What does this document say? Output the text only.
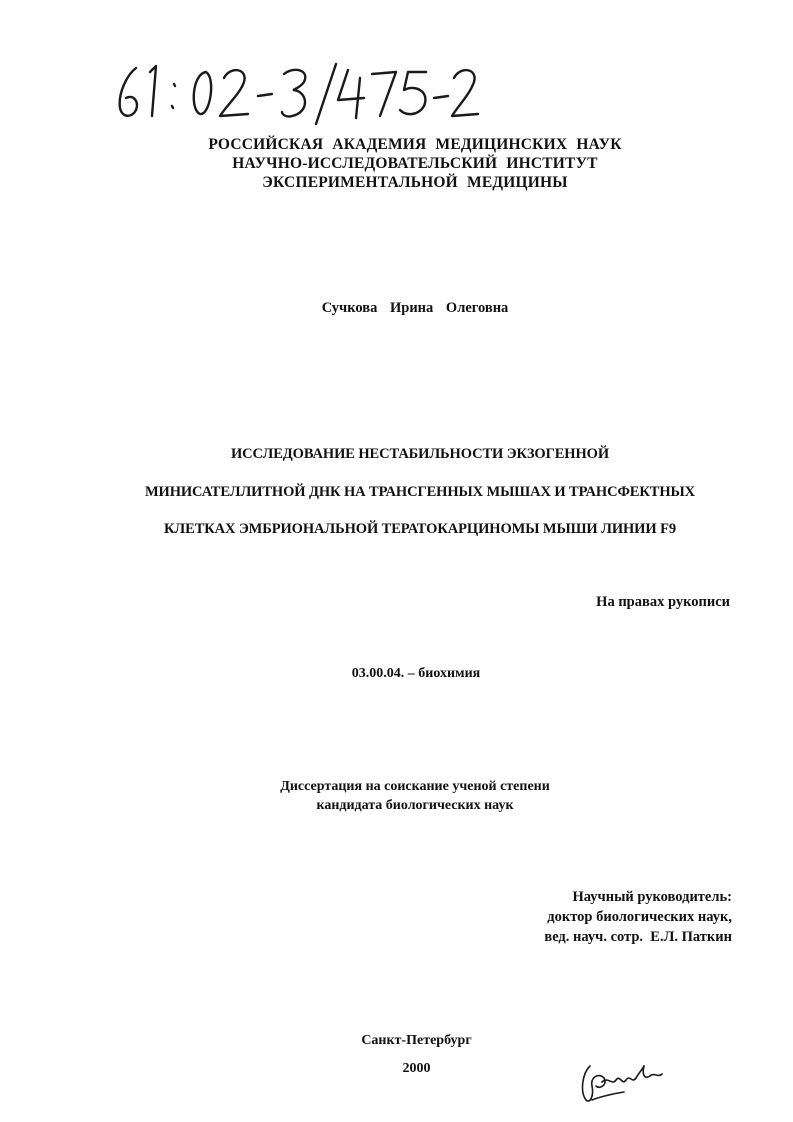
РОССИЙСКАЯ АКАДЕМИЯ МЕДИЦИНСКИХ НАУК
НАУЧНО-ИССЛЕДОВАТЕЛЬСКИЙ ИНСТИТУТ
ЭКСПЕРИМЕНТАЛЬНОЙ МЕДИЦИНЫ
Сучкова Ирина Олеговна
ИССЛЕДОВАНИЕ НЕСТАБИЛЬНОСТИ ЭКЗОГЕННОЙ
МИНИСАТЕЛЛИТНОЙ ДНК НА ТРАНСГЕННЫХ МЫШАХ И ТРАНСФЕКТНЫХ
КЛЕТКАХ ЭМБРИОНАЛЬНОЙ ТЕРАТОКАРЦИНОМЫ МЫШИ ЛИНИИ F9
На правах рукописи
03.00.04. – биохимия
Диссертация на соискание ученой степени
кандидата биологических наук
Научный руководитель:
доктор биологических наук,
вед. науч. сотр.  Е.Л. Паткин
Санкт-Петербург
2000
